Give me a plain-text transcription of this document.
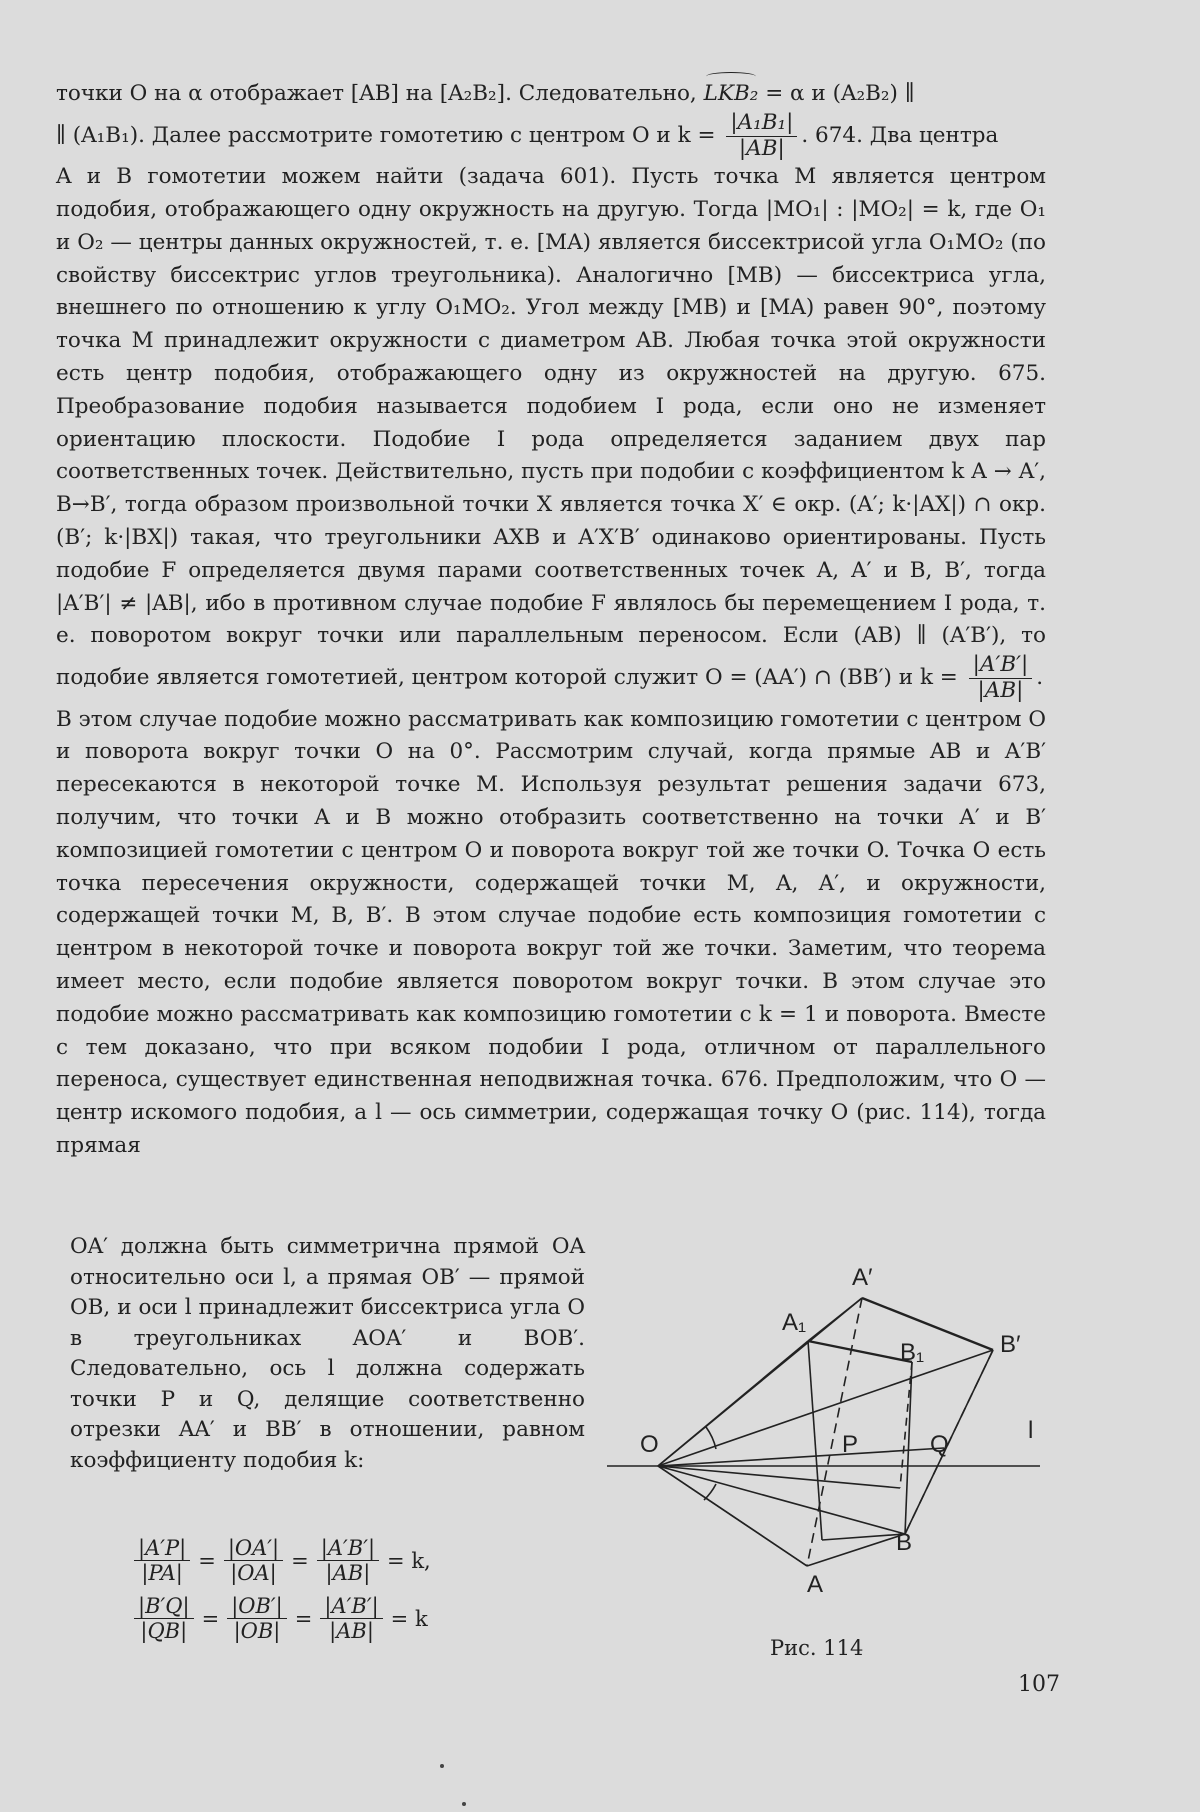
точки O на α отображает [AB] на [A₂B₂]. Следовательно, LKB₂ = α и (A₂B₂) ∥

∥ (A₁B₁). Далее рассмотрите гомотетию с центром O и k =
|A₁B₁|
|AB| . 674. Два центра

A и B гомотетии можем найти (задача 601). Пусть точка M является центром подобия, отображающего одну окружность на другую. Тогда |MO₁| : |MO₂| = k, где O₁ и O₂ — центры данных окружностей, т. е. [MA) является биссектрисой угла O₁MO₂ (по свойству биссектрис углов треугольника). Аналогично [MB) — биссектриса угла, внешнего по отношению к углу O₁MO₂. Угол между [MB) и [MA) равен 90°, поэтому точка M принадлежит окружности с диаметром AB. Любая точка этой окружности есть центр подобия, отображающего одну из окружностей на другую. 675. Преобразование подобия называется подобием I рода, если оно не изменяет ориентацию плоскости. Подобие I рода определяется заданием двух пар соответственных точек. Действительно, пусть при подобии с коэффициентом k A → A′, B→B′, тогда образом произвольной точки X является точка X′ ∈ окр. (A′; k·|AX|) ∩ окр. (B′; k·|BX|) такая, что треугольники AXB и A′X′B′ одинаково ориентированы. Пусть подобие F определяется двумя парами соответственных точек A, A′ и B, B′, тогда |A′B′| ≠ |AB|, ибо в противном случае подобие F являлось бы перемещением I рода, т. е. поворотом вокруг точки или параллельным переносом. Если (AB) ∥ (A′B′), то подобие является гомотетией, центром которой служит O = (AA′) ∩ (BB′) и k =
|A′B′|
|AB| .

В этом случае подобие можно рассматривать как композицию гомотетии с центром O и поворота вокруг точки O на 0°. Рассмотрим случай, когда прямые AB и A′B′ пересекаются в некоторой точке M. Используя результат решения задачи 673, получим, что точки A и B можно отобразить соответственно на точки A′ и B′ композицией гомотетии с центром O и поворота вокруг той же точки O. Точка O есть точка пересечения окружности, содержащей точки M, A, A′, и окружности, содержащей точки M, B, B′. В этом случае подобие есть композиция гомотетии с центром в некоторой точке и поворота вокруг той же точки. Заметим, что теорема имеет место, если подобие является поворотом вокруг точки. В этом случае это подобие можно рассматривать как композицию гомотетии с k = 1 и поворота. Вместе с тем доказано, что при всяком подобии I рода, отличном от параллельного переноса, существует единственная неподвижная точка. 676. Предположим, что O — центр искомого подобия, a l — ось симметрии, содержащая точку O (рис. 114), тогда прямая

OA′ должна быть симметрична прямой OA относительно оси l, а прямая OB′ — прямой OB, и оси l принадлежит биссектриса угла O в треугольниках AOA′ и BOB′. Следовательно, ось l должна содержать точки P и Q, делящие соответственно отрезки AA′ и BB′ в отношении, равном коэффициенту подобия k:

|A′P|
|PA|
=
|OA′|
|OA|
=
|A′B′|
|AB|
= k,
|B′Q|
|QB|
=
|OB′|
|OB|
=
|A′B′|
|AB|
= k
O
A
A₁
A′
B
B₁	B′
P	Q
l
Рис. 114
107
